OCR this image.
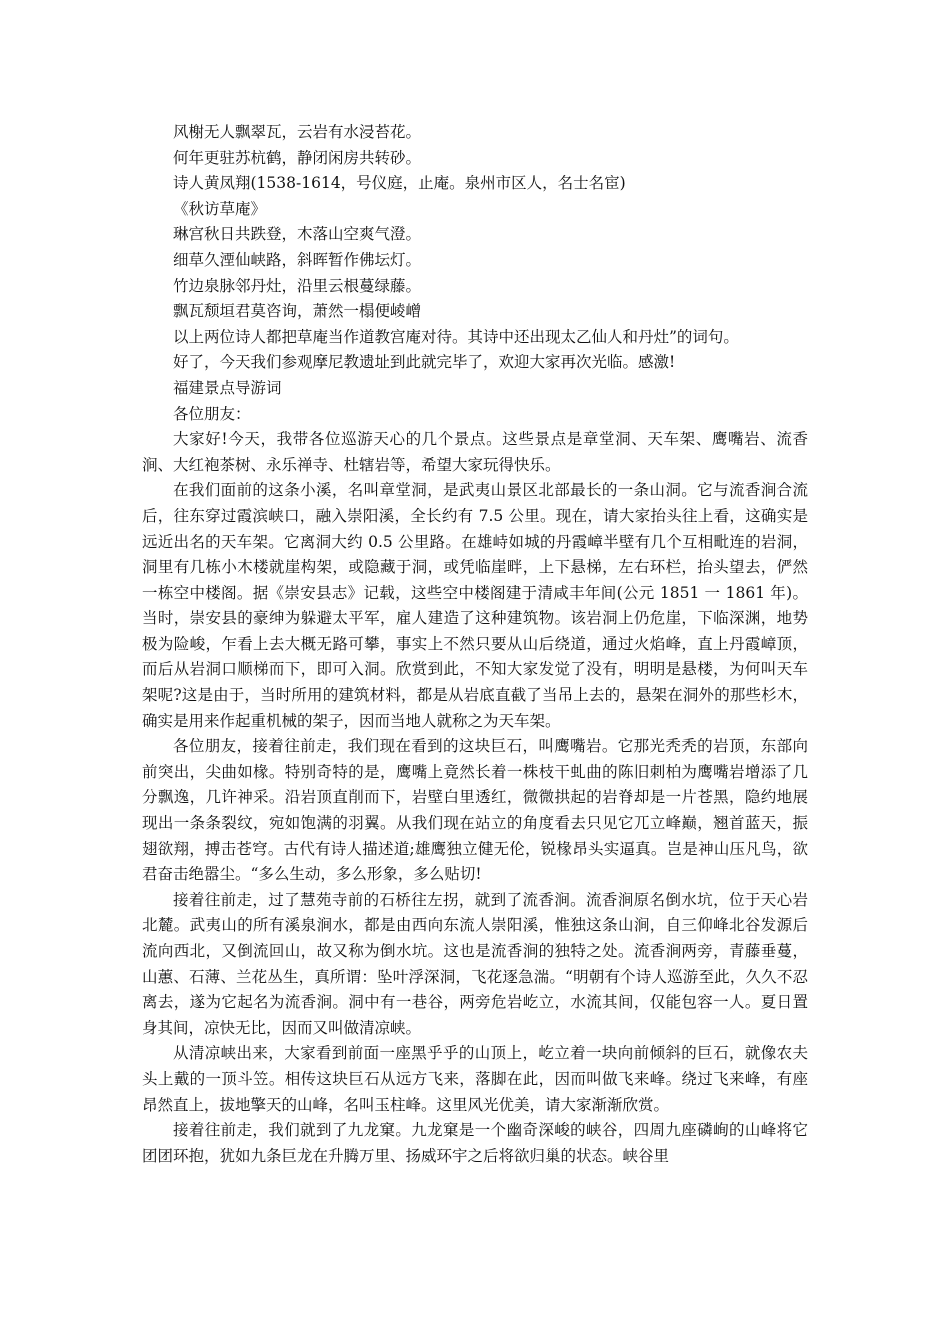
风榭无人飘翠瓦，云岩有水浸苔花。

何年更驻苏杭鹤，静闭闲房共转砂。

诗人黄凤翔(1538-1614，号仪庭，止庵。泉州市区人，名士名宦)

《秋访草庵》

琳宫秋日共跌登，木落山空爽气澄。

细草久湮仙峡路，斜晖暂作佛坛灯。

竹边泉脉邻丹灶，沿里云根蔓绿藤。

飘瓦颓垣君莫咨询，萧然一榻便崚嶒

以上两位诗人都把草庵当作道教宫庵对待。其诗中还出现太乙仙人和丹灶”的词句。

好了，今天我们参观摩尼教遗址到此就完毕了，欢迎大家再次光临。感激!

福建景点导游词

各位朋友：

大家好!今天，我带各位巡游天心的几个景点。这些景点是章堂洞、天车架、鹰嘴岩、流香涧、大红袍茶树、永乐禅寺、杜辖岩等，希望大家玩得快乐。

在我们面前的这条小溪，名叫章堂洞，是武夷山景区北部最长的一条山洞。它与流香涧合流后，往东穿过霞滨峡口，融入崇阳溪，全长约有 7.5 公里。现在，请大家抬头往上看，这确实是远近出名的天车架。它离洞大约 0.5 公里路。在雄峙如城的丹霞嶂半壁有几个互相毗连的岩洞，洞里有几栋小木楼就崖构架，或隐藏于洞，或凭临崖畔，上下悬梯，左右环栏，抬头望去，俨然一栋空中楼阁。据《崇安县志》记载，这些空中楼阁建于清咸丰年间(公元 1851 一 1861 年)。当时，崇安县的豪绅为躲避太平军，雇人建造了这种建筑物。该岩洞上仍危崖，下临深渊，地势极为险峻，乍看上去大概无路可攀，事实上不然只要从山后绕道，通过火焰峰，直上丹霞嶂顶，而后从岩洞口顺梯而下，即可入洞。欣赏到此，不知大家发觉了没有，明明是悬楼，为何叫天车架呢?这是由于，当时所用的建筑材料，都是从岩底直截了当吊上去的，悬架在洞外的那些杉木，确实是用来作起重机械的架子，因而当地人就称之为天车架。

各位朋友，接着往前走，我们现在看到的这块巨石，叫鹰嘴岩。它那光秃秃的岩顶，东部向前突出，尖曲如椽。特别奇特的是，鹰嘴上竟然长着一株枝干虬曲的陈旧刺柏为鹰嘴岩增添了几分飘逸，几许神采。沿岩顶直削而下，岩壁白里透红，微微拱起的岩脊却是一片苍黑，隐约地展现出一条条裂纹，宛如饱满的羽翼。从我们现在站立的角度看去只见它兀立峰巅，翘首蓝天，振翅欲翔，搏击苍穹。古代有诗人描述道;雄鹰独立健无伦，锐椽昂头实逼真。岂是神山压凡鸟，欲君奋击绝嚣尘。“多么生动，多么形象，多么贴切!

接着往前走，过了慧苑寺前的石桥往左拐，就到了流香涧。流香涧原名倒水坑，位于天心岩北麓。武夷山的所有溪泉涧水，都是由西向东流人崇阳溪，惟独这条山涧，自三仰峰北谷发源后流向西北，又倒流回山，故又称为倒水坑。这也是流香涧的独特之处。流香涧两旁，青藤垂蔓，山蕙、石薄、兰花丛生，真所谓：坠叶浮深洞，飞花逐急湍。“明朝有个诗人巡游至此，久久不忍离去，遂为它起名为流香涧。洞中有一巷谷，两旁危岩屹立，水流其间，仅能包容一人。夏日置身其间，凉快无比，因而又叫做清凉峡。

从清凉峡出来，大家看到前面一座黑乎乎的山顶上，屹立着一块向前倾斜的巨石，就像农夫头上戴的一顶斗笠。相传这块巨石从远方飞来，落脚在此，因而叫做飞来峰。绕过飞来峰，有座昂然直上，拔地擎天的山峰，名叫玉柱峰。这里风光优美，请大家渐渐欣赏。

接着往前走，我们就到了九龙窠。九龙窠是一个幽奇深峻的峡谷，四周九座磷峋的山峰将它团团环抱，犹如九条巨龙在升腾万里、扬威环宇之后将欲归巢的状态。峡谷里
